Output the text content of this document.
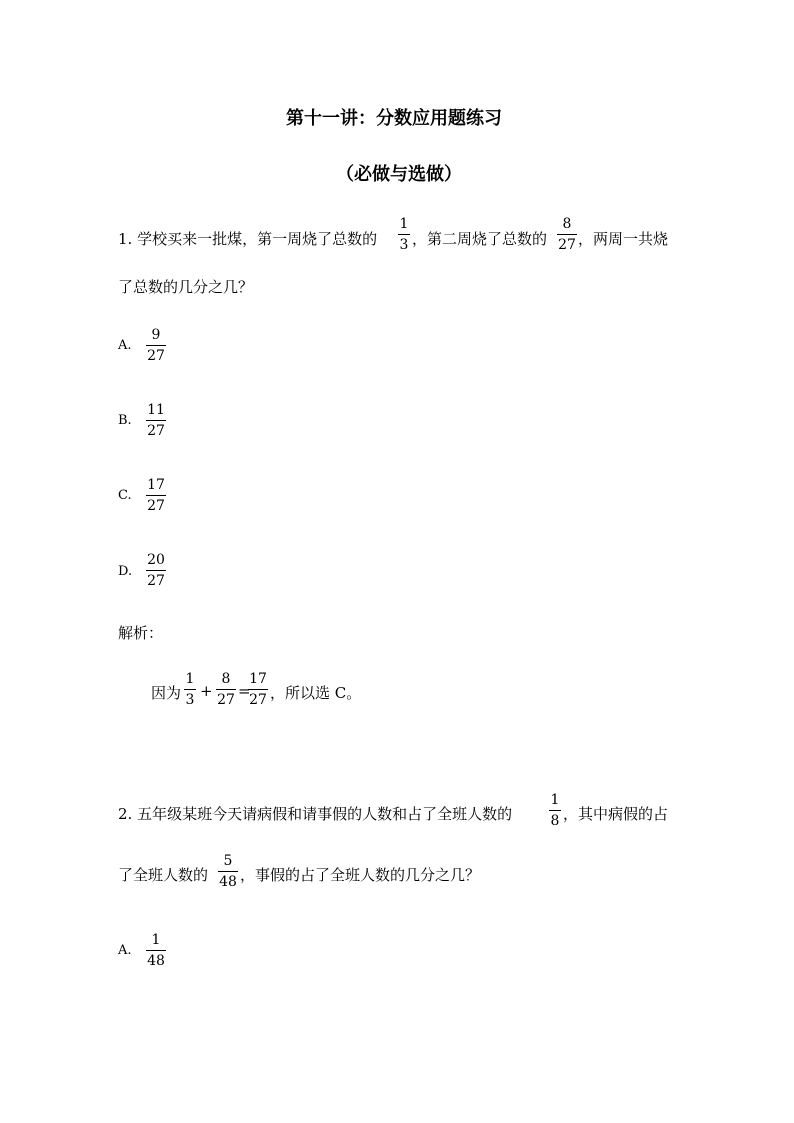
第十一讲：分数应用题练习
（必做与选做）
1. 学校买来一批煤，第一周烧了总数的
1
3 ，第二周烧了总数的
8
27 ，两周一共烧
了总数的几分之几？
A.
9
27
B.
11
27
C.
17
27
D.
20
27
解析：
因为
1
3 +
8
27 =
17
27 ，所以选 C。
2. 五年级某班今天请病假和请事假的人数和占了全班人数的
1
8 ，其中病假的占
了全班人数的
5
48 ，事假的占了全班人数的几分之几？
A.
1
48
